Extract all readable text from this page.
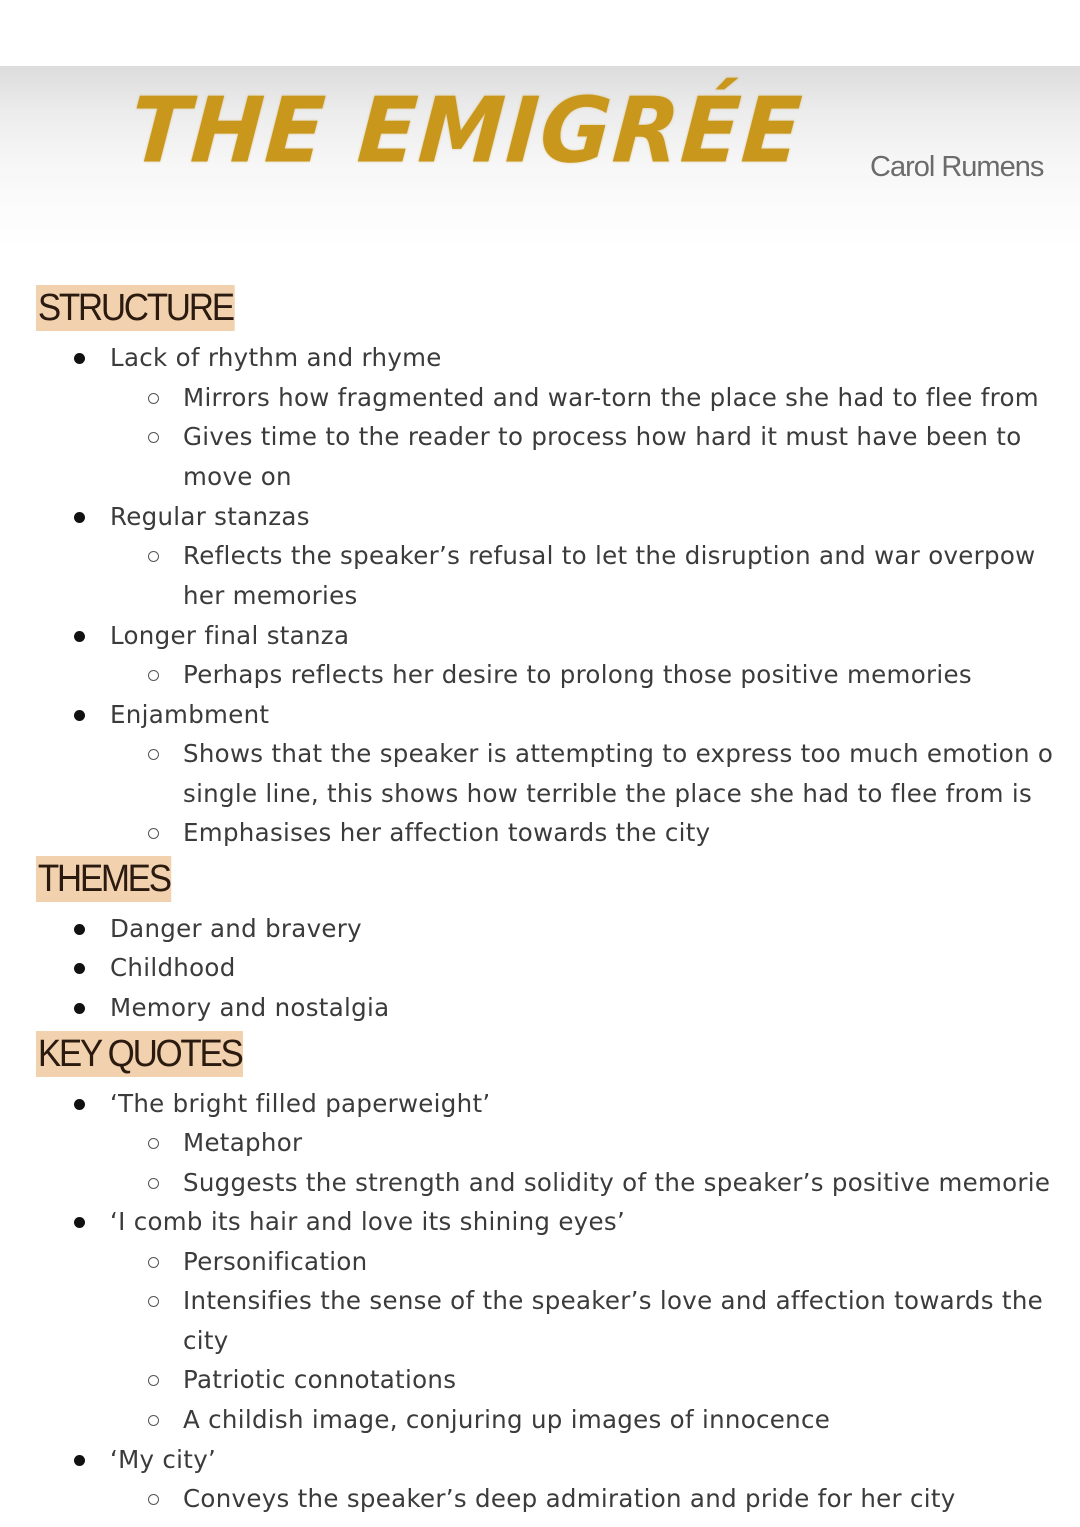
THE EMIGRÉE Carol Rumens
STRUCTURE
Lack of rhythm and rhyme
Mirrors how fragmented and war-torn the place she had to flee from
Gives time to the reader to process how hard it must have been to
move on
Regular stanzas
Reflects the speaker’s refusal to let the disruption and war overpow
her memories
Longer final stanza
Perhaps reflects her desire to prolong those positive memories
Enjambment
Shows that the speaker is attempting to express too much emotion o
single line, this shows how terrible the place she had to flee from is
Emphasises her affection towards the city
THEMES
Danger and bravery
Childhood
Memory and nostalgia
KEY QUOTES
‘The bright filled paperweight’
Metaphor
Suggests the strength and solidity of the speaker’s positive memorie
‘I comb its hair and love its shining eyes’
Personification
Intensifies the sense of the speaker’s love and affection towards the
city
Patriotic connotations
A childish image, conjuring up images of innocence
‘My city’
Conveys the speaker’s deep admiration and pride for her city
